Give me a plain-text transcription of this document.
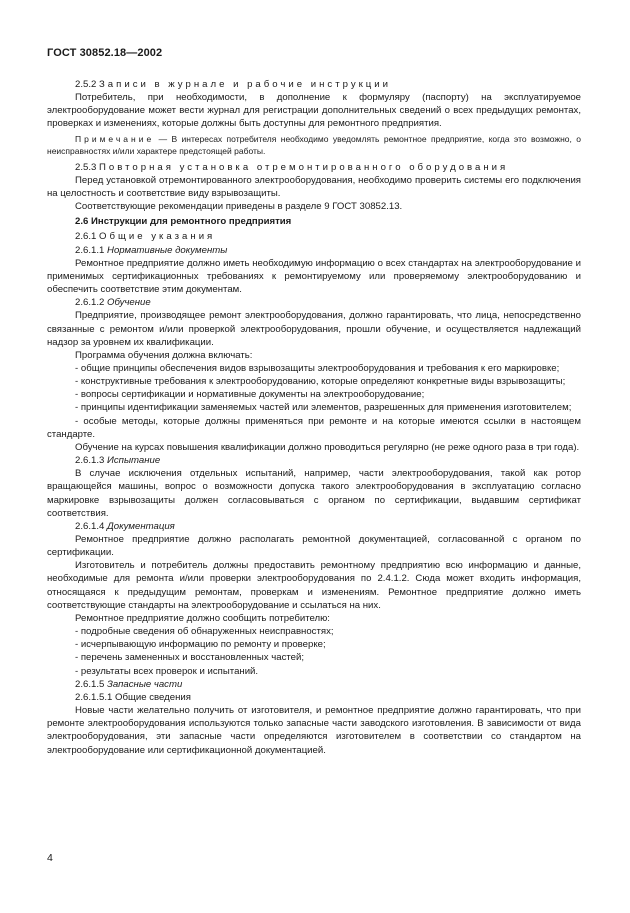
ГОСТ 30852.18—2002

2.5.2 Записи в журнале и рабочие инструкции

Потребитель, при необходимости, в дополнение к формуляру (паспорту) на эксплуатируемое электрооборудование может вести журнал для регистрации дополнительных сведений о всех предыдущих ремонтах, проверках и изменениях, которые должны быть доступны для ремонтного предприятия.

Примечание — В интересах потребителя необходимо уведомлять ремонтное предприятие, когда это возможно, о неисправностях и/или характере предстоящей работы.

2.5.3 Повторная установка отремонтированного оборудования

Перед установкой отремонтированного электрооборудования, необходимо проверить системы его подключения на целостность и соответствие виду взрывозащиты.

Соответствующие рекомендации приведены в разделе 9 ГОСТ 30852.13.

2.6 Инструкции для ремонтного предприятия

2.6.1 Общие указания

2.6.1.1 Нормативные документы

Ремонтное предприятие должно иметь необходимую информацию о всех стандартах на электрооборудование и применимых сертификационных требованиях к ремонтируемому или проверяемому электрооборудованию и обеспечить соответствие этим документам.

2.6.1.2 Обучение

Предприятие, производящее ремонт электрооборудования, должно гарантировать, что лица, непосредственно связанные с ремонтом и/или проверкой электрооборудования, прошли обучение, и осуществляется надлежащий надзор за уровнем их квалификации.

Программа обучения должна включать:

- общие принципы обеспечения видов взрывозащиты электрооборудования и требования к его маркировке;

- конструктивные требования к электрооборудованию, которые определяют конкретные виды взрывозащиты;

- вопросы сертификации и нормативные документы на электрооборудование;

- принципы идентификации заменяемых частей или элементов, разрешенных для применения изготовителем;

- особые методы, которые должны применяться при ремонте и на которые имеются ссылки в настоящем стандарте.

Обучение на курсах повышения квалификации должно проводиться регулярно (не реже одного раза в три года).

2.6.1.3 Испытание

В случае исключения отдельных испытаний, например, части электрооборудования, такой как ротор вращающейся машины, вопрос о возможности допуска такого электрооборудования в эксплуатацию согласно маркировке взрывозащиты должен согласовываться с органом по сертификации, выдавшим сертификат соответствия.

2.6.1.4 Документация

Ремонтное предприятие должно располагать ремонтной документацией, согласованной с органом по сертификации.

Изготовитель и потребитель должны предоставить ремонтному предприятию всю информацию и данные, необходимые для ремонта и/или проверки электрооборудования по 2.4.1.2. Сюда может входить информация, относящаяся к предыдущим ремонтам, проверкам и изменениям. Ремонтное предприятие должно иметь соответствующие стандарты на электрооборудование и ссылаться на них.

Ремонтное предприятие должно сообщить потребителю:

- подробные сведения об обнаруженных неисправностях;

- исчерпывающую информацию по ремонту и проверке;

- перечень замененных и восстановленных частей;

- результаты всех проверок и испытаний.

2.6.1.5 Запасные части

2.6.1.5.1 Общие сведения

Новые части желательно получить от изготовителя, и ремонтное предприятие должно гарантировать, что при ремонте электрооборудования используются только запасные части заводского изготовления. В зависимости от вида электрооборудования, эти запасные части определяются изготовителем в соответствии со стандартом на электрооборудование или сертификационной документацией.

4
